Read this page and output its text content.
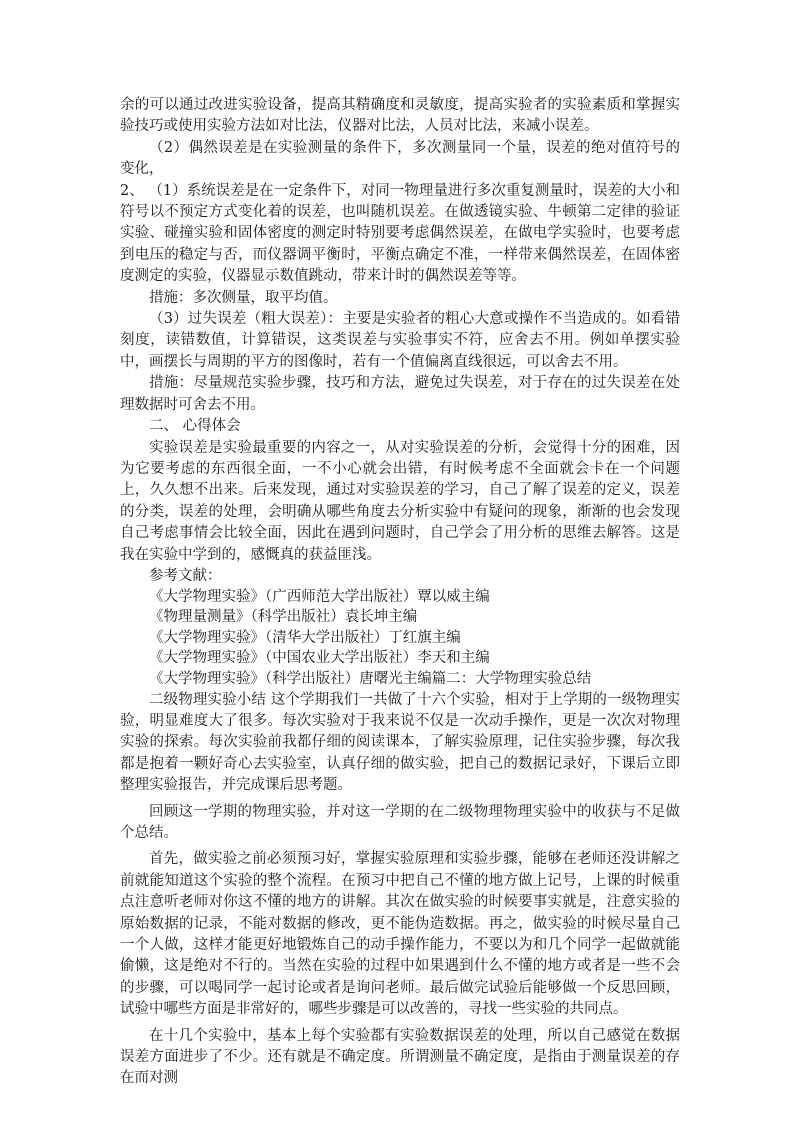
余的可以通过改进实验设备，提高其精确度和灵敏度，提高实验者的实验素质和掌握实验技巧或使用实验方法如对比法，仪器对比法，人员对比法，来减小误差。

（2）偶然误差是在实验测量的条件下，多次测量同一个量，误差的绝对值符号的变化，

2、 （1）系统误差是在一定条件下，对同一物理量进行多次重复测量时，误差的大小和符号以不预定方式变化着的误差，也叫随机误差。在做透镜实验、牛顿第二定律的验证实验、碰撞实验和固体密度的测定时特别要考虑偶然误差，在做电学实验时，也要考虑到电压的稳定与否，而仪器调平衡时，平衡点确定不准，一样带来偶然误差，在固体密度测定的实验，仪器显示数值跳动，带来计时的偶然误差等等。

措施：多次侧量，取平均值。

（3）过失误差（粗大误差）：主要是实验者的粗心大意或操作不当造成的。如看错刻度，读错数值，计算错误，这类误差与实验事实不符，应舍去不用。例如单摆实验中，画摆长与周期的平方的图像时，若有一个值偏离直线很远，可以舍去不用。

措施：尽量规范实验步骤，技巧和方法，避免过失误差，对于存在的过失误差在处理数据时可舍去不用。

二、 心得体会

实验误差是实验最重要的内容之一，从对实验误差的分析，会觉得十分的困难，因为它要考虑的东西很全面，一不小心就会出错，有时候考虑不全面就会卡在一个问题上，久久想不出来。后来发现，通过对实验误差的学习，自己了解了误差的定义，误差的分类，误差的处理，会明确从哪些角度去分析实验中有疑问的现象，渐渐的也会发现自己考虑事情会比较全面，因此在遇到问题时，自己学会了用分析的思维去解答。这是我在实验中学到的，感慨真的获益匪浅。

参考文献：

《大学物理实验》（广西师范大学出版社）覃以威主编

《物理量测量》（科学出版社）袁长坤主编

《大学物理实验》（清华大学出版社）丁红旗主编

《大学物理实验》（中国农业大学出版社）李天和主编

《大学物理实验》（科学出版社）唐曙光主编篇二：大学物理实验总结

二级物理实验小结 这个学期我们一共做了十六个实验，相对于上学期的一级物理实验，明显难度大了很多。每次实验对于我来说不仅是一次动手操作，更是一次次对物理实验的探索。每次实验前我都仔细的阅读课本，了解实验原理，记住实验步骤，每次我都是抱着一颗好奇心去实验室，认真仔细的做实验，把自己的数据记录好，下课后立即整理实验报告，并完成课后思考题。

回顾这一学期的物理实验，并对这一学期的在二级物理物理实验中的收获与不足做个总结。

首先，做实验之前必须预习好，掌握实验原理和实验步骤，能够在老师还没讲解之前就能知道这个实验的整个流程。在预习中把自己不懂的地方做上记号，上课的时候重点注意听老师对你这不懂的地方的讲解。其次在做实验的时候要事实就是，注意实验的原始数据的记录，不能对数据的修改，更不能伪造数据。再之，做实验的时候尽量自己一个人做，这样才能更好地锻炼自己的动手操作能力，不要以为和几个同学一起做就能偷懒，这是绝对不行的。当然在实验的过程中如果遇到什么不懂的地方或者是一些不会的步骤，可以喝同学一起讨论或者是询问老师。最后做完试验后能够做一个反思回顾，试验中哪些方面是非常好的，哪些步骤是可以改善的，寻找一些实验的共同点。

在十几个实验中，基本上每个实验都有实验数据误差的处理，所以自己感觉在数据误差方面进步了不少。还有就是不确定度。所谓测量不确定度，是指由于测量误差的存在而对测
